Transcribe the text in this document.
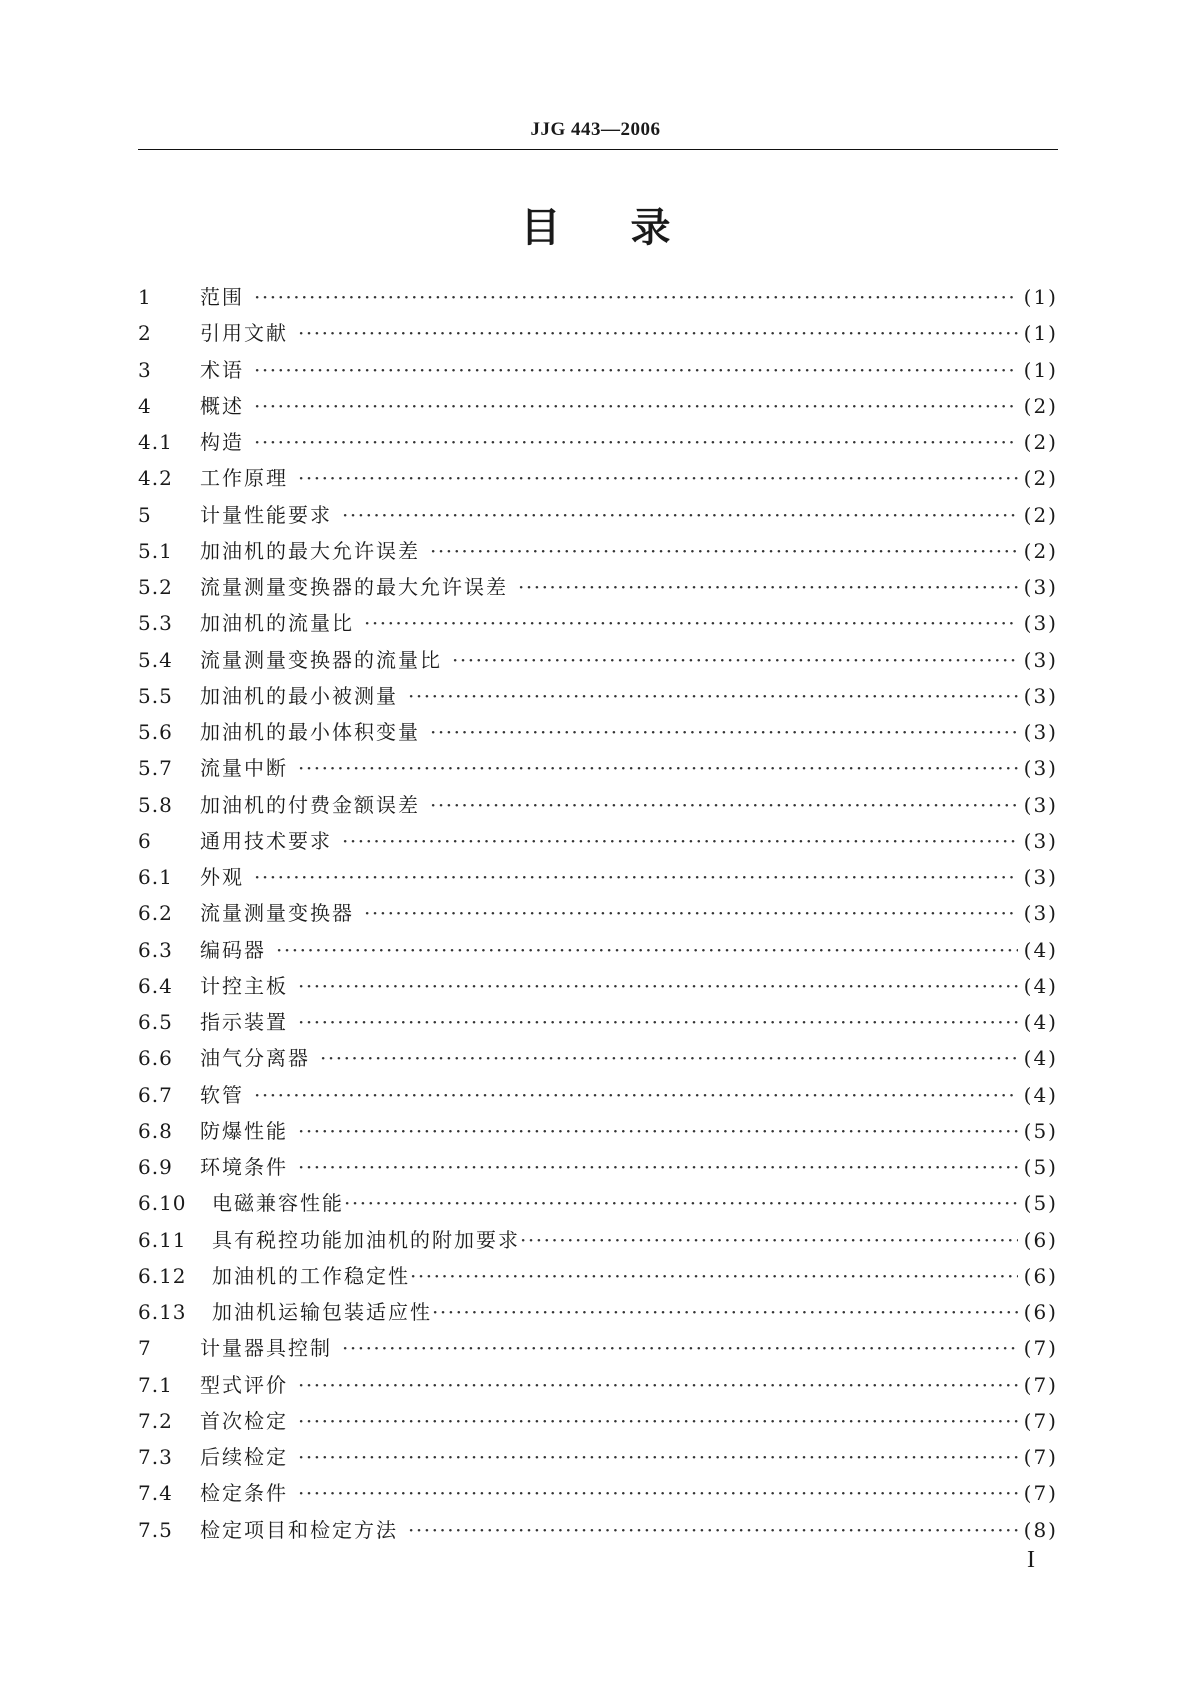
JJG 443—2006
目 录
1	范围 ·····	(1)
2	引用文献 ·····	(1)
3	术语 ·····	(1)
4	概述 ·····	(2)
4.1	构造 ·····	(2)
4.2	工作原理 ·····	(2)
5	计量性能要求 ·····	(2)
5.1	加油机的最大允许误差 ·····	(2)
5.2	流量测量变换器的最大允许误差 ·····	(3)
5.3	加油机的流量比 ·····	(3)
5.4	流量测量变换器的流量比 ·····	(3)
5.5	加油机的最小被测量 ·····	(3)
5.6	加油机的最小体积变量 ·····	(3)
5.7	流量中断 ·····	(3)
5.8	加油机的付费金额误差 ·····	(3)
6	通用技术要求 ·····	(3)
6.1	外观 ·····	(3)
6.2	流量测量变换器 ·····	(3)
6.3	编码器 ·····	(4)
6.4	计控主板 ·····	(4)
6.5	指示装置 ·····	(4)
6.6	油气分离器 ·····	(4)
6.7	软管 ·····	(4)
6.8	防爆性能 ·····	(5)
6.9	环境条件 ·····	(5)
6.10	电磁兼容性能 ·····	(5)
6.11	具有税控功能加油机的附加要求 ·····	(6)
6.12	加油机的工作稳定性 ·····	(6)
6.13	加油机运输包装适应性 ·····	(6)
7	计量器具控制 ·····	(7)
7.1	型式评价 ·····	(7)
7.2	首次检定 ·····	(7)
7.3	后续检定 ·····	(7)
7.4	检定条件 ·····	(7)
7.5	检定项目和检定方法 ·····	(8)
I
